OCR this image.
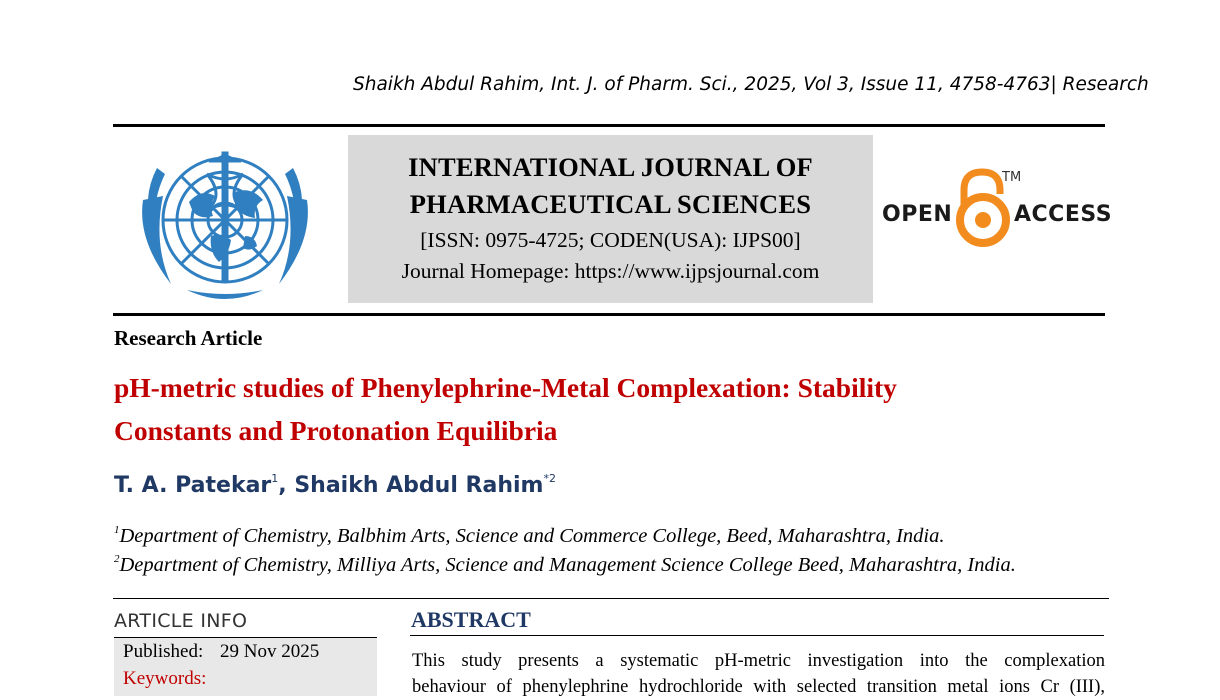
Shaikh Abdul Rahim, Int. J. of Pharm. Sci., 2025, Vol 3, Issue 11, 4758-4763| Research
INTERNATIONAL JOURNAL OF
PHARMACEUTICAL SCIENCES
[ISSN: 0975-4725; CODEN(USA): IJPS00]
Journal Homepage: https://www.ijpsjournal.com
OPEN
TM
ACCESS
Research Article
pH-metric studies of Phenylephrine-Metal Complexation: Stability
Constants and Protonation Equilibria
T. A. Patekar$^1$, Shaikh Abdul Rahim$^{*2}$
$^1$Department of Chemistry, Balbhim Arts, Science and Commerce College, Beed, Maharashtra, India.
$^2$Department of Chemistry, Milliya Arts, Science and Management Science College Beed, Maharashtra, India.
ARTICLE INFO
Published: 29 Nov 2025
Keywords:
ABSTRACT
This study presents a systematic pH-metric investigation into the complexation
behaviour of phenylephrine hydrochloride with selected transition metal ions Cr (III),
